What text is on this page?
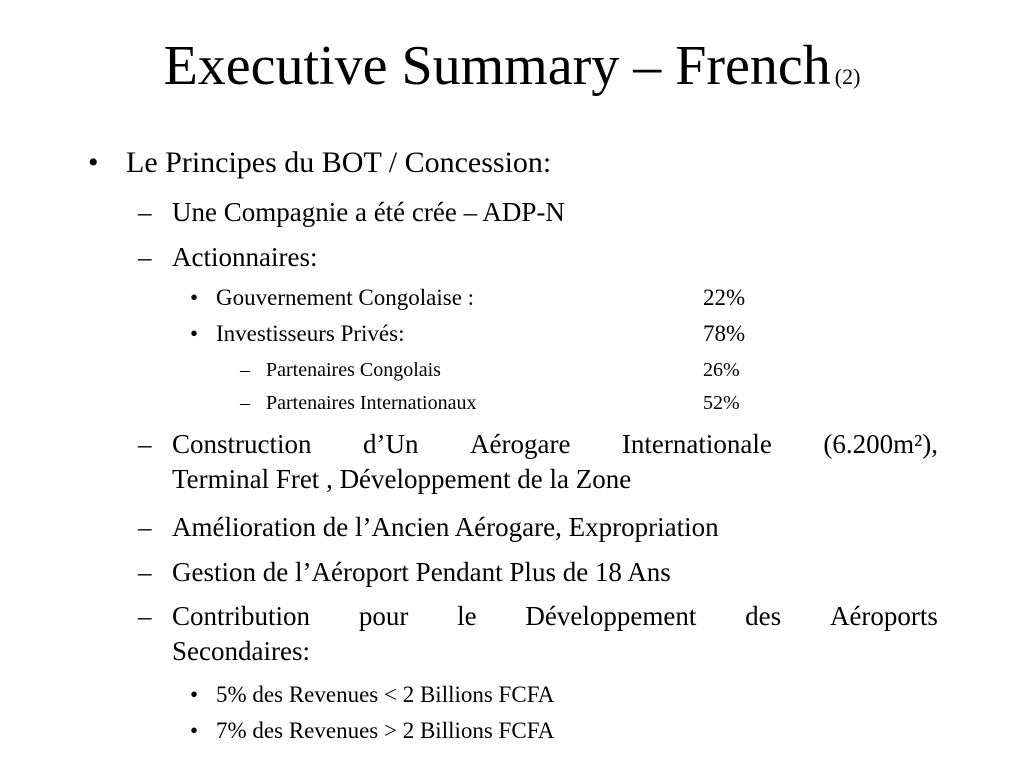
Executive Summary – French (2)
• Le Principes du BOT / Concession:
– Une Compagnie a été crée – ADP-N
– Actionnaires:
• Gouvernement Congolaise :	22%
• Investisseurs Privés:	78%
– Partenaires Congolais	26%
– Partenaires Internationaux	52%
– Construction d’Un Aérogare Internationale (6.200m²),
Terminal Fret , Développement de la Zone
– Amélioration de l’Ancien Aérogare, Expropriation
– Gestion de l’Aéroport Pendant Plus de 18 Ans
– Contribution pour le Développement des Aéroports
Secondaires:
• 5% des Revenues < 2 Billions FCFA
• 7% des Revenues > 2 Billions FCFA
